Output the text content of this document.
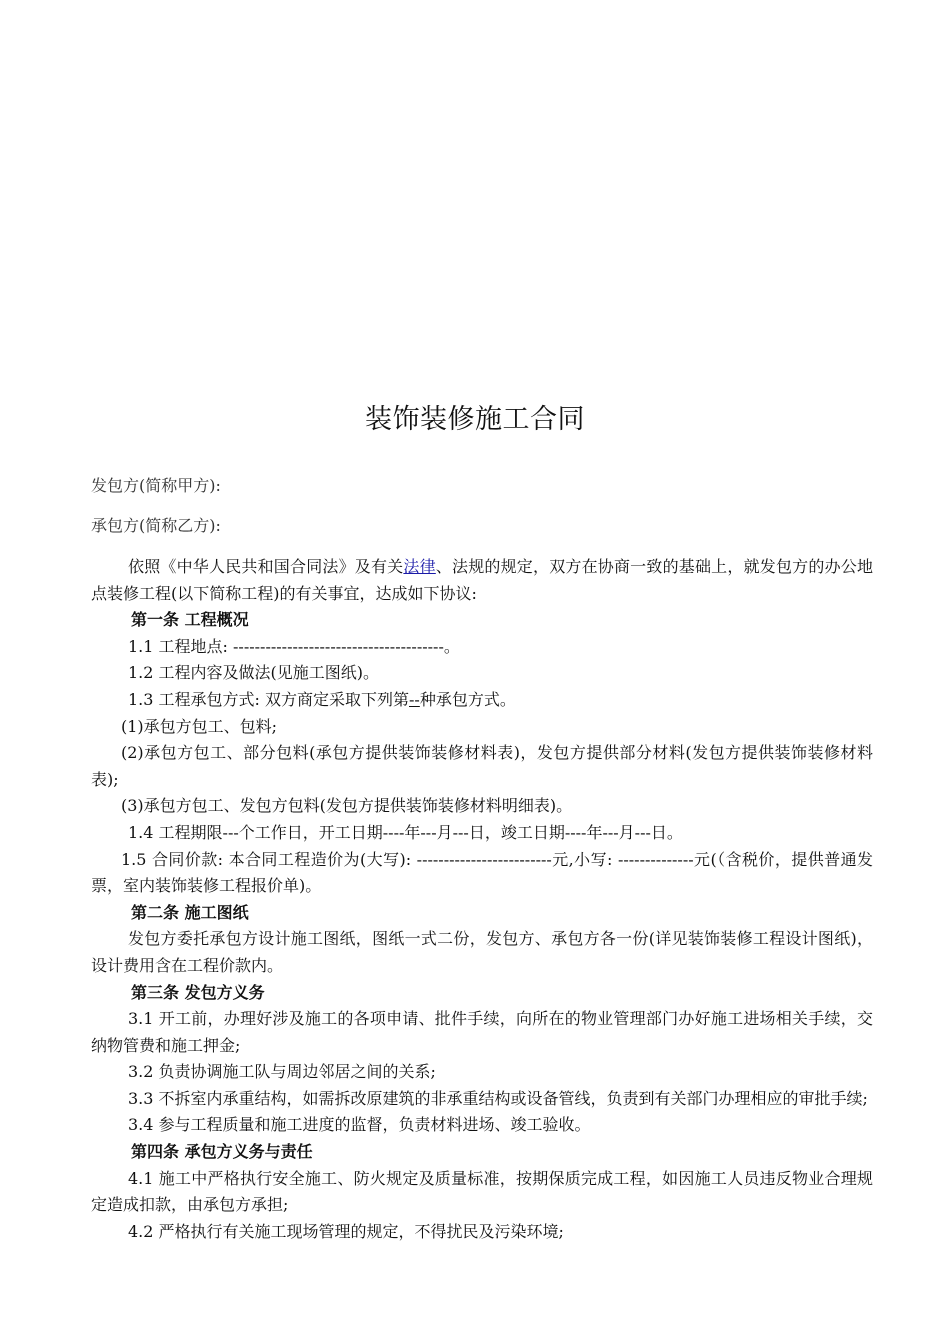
装饰装修施工合同
发包方(简称甲方):
承包方(简称乙方):

依照《中华人民共和国合同法》及有关法律、法规的规定，双方在协商一致的基础上，就发包方的办公地点装修工程(以下简称工程)的有关事宜，达成如下协议:

第一条 工程概况

1.1 工程地点: ---------------------------------------。

1.2 工程内容及做法(见施工图纸)。

1.3 工程承包方式: 双方商定采取下列第--种承包方式。

(1)承包方包工、包料;

(2)承包方包工、部分包料(承包方提供装饰装修材料表)，发包方提供部分材料(发包方提供装饰装修材料表);

(3)承包方包工、发包方包料(发包方提供装饰装修材料明细表)。

1.4 工程期限---个工作日，开工日期----年---月---日，竣工日期----年---月---日。

1.5 合同价款: 本合同工程造价为(大写): -------------------------元,小写: --------------元(（含税价，提供普通发票，室内装饰装修工程报价单)。

第二条 施工图纸

发包方委托承包方设计施工图纸，图纸一式二份，发包方、承包方各一份(详见装饰装修工程设计图纸)，设计费用含在工程价款内。

第三条 发包方义务

3.1 开工前，办理好涉及施工的各项申请、批件手续，向所在的物业管理部门办好施工进场相关手续，交纳物管费和施工押金;

3.2 负责协调施工队与周边邻居之间的关系;

3.3 不拆室内承重结构，如需拆改原建筑的非承重结构或设备管线，负责到有关部门办理相应的审批手续;

3.4 参与工程质量和施工进度的监督，负责材料进场、竣工验收。

第四条 承包方义务与责任

4.1 施工中严格执行安全施工、防火规定及质量标准，按期保质完成工程，如因施工人员违反物业合理规定造成扣款，由承包方承担;

4.2 严格执行有关施工现场管理的规定，不得扰民及污染环境;
